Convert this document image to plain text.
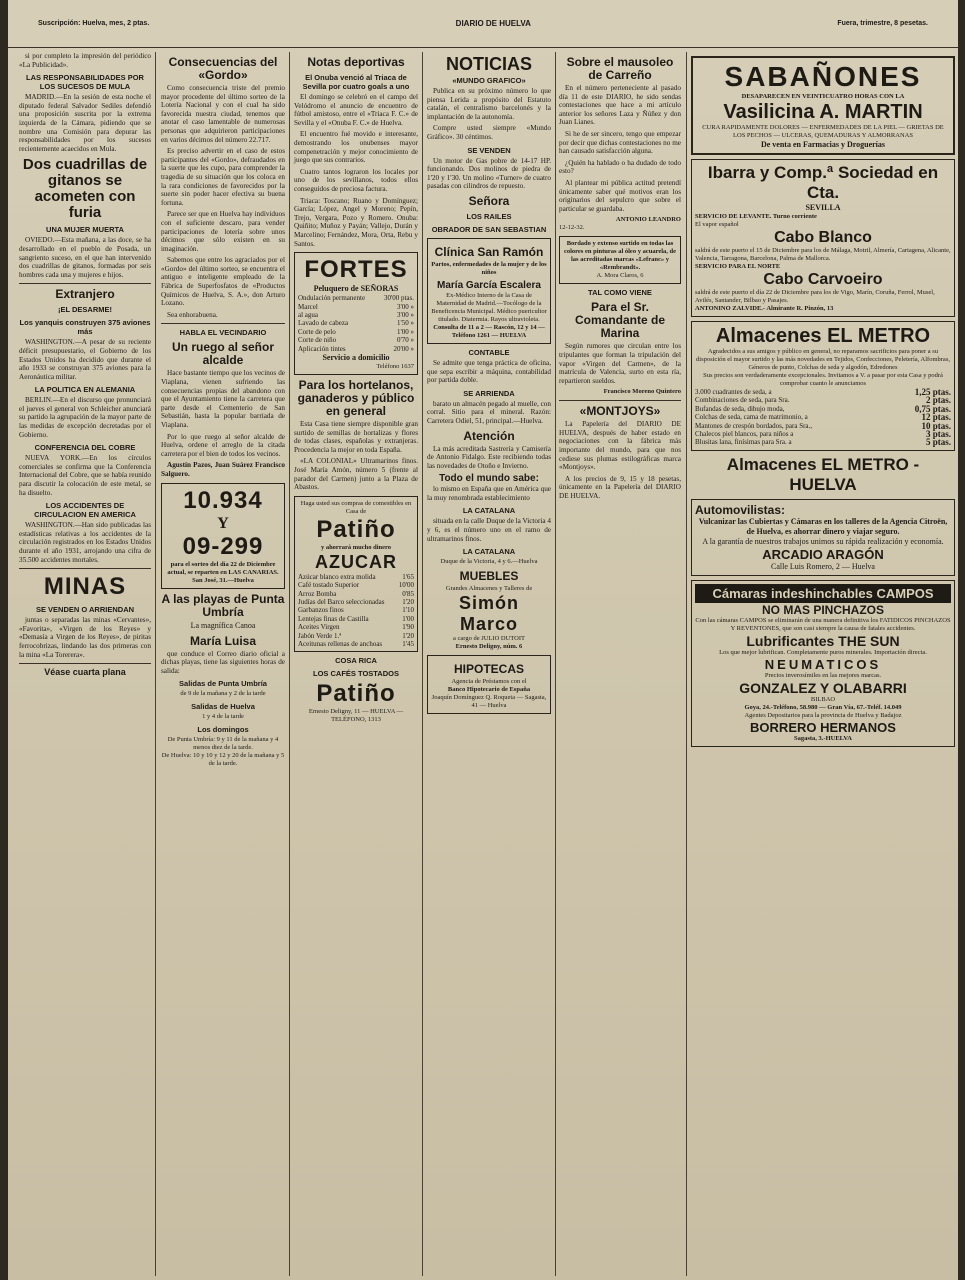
Suscripción: Huelva, mes, 2 ptas.	DIARIO DE HUELVA	Fuera, trimestre, 8 pesetas.

si por completo la impresión del periódico «La Publicidad».

LAS RESPONSABILIDADES POR LOS SUCESOS DE MULA

MADRID.—En la sesión de esta noche el diputado federal Salvador Sediles defendió una proposición suscrita por la extrema izquierda de la Cámara, pidiendo que se nombre una Comisión para depurar las responsabilidades por los sucesos recientemente acaecidos en Mula.

Dos cuadrillas de gitanos se acometen con furia
UNA MUJER MUERTA

OVIEDO.—Esta mañana, a las doce, se ha desarrollado en el pueblo de Posada, un sangriento suceso, en el que han intervenido dos cuadrillas de gitanos, formadas por seis hombres cada una y mujeres e hijos.

Extranjero
¡EL DESARME!
Los yanquis construyen 375 aviones más

WASHINGTON.—A pesar de su reciente déficit presupuestario, el Gobierno de los Estados Unidos ha decidido que durante el año 1933 se construyan 375 aviones para la Aeronáutica militar.

LA POLITICA EN ALEMANIA

BERLIN.—En el discurso que pronunciará el jueves el general von Schleicher anunciará su partido la agrupación de la mayor parte de las medidas de excepción decretadas por el Gobierno.

CONFERENCIA DEL COBRE

NUEVA YORK.—En los círculos comerciales se confirma que la Conferencia Internacional del Cobre, que se había reunido para discutir la colocación de este metal, se ha disuelto.

LOS ACCIDENTES DE CIRCULACION EN AMERICA

WASHINGTON.—Han sido publicadas las estadísticas relativas a los accidentes de la circulación registrados en los Estados Unidos durante el año 1931, arrojando una cifra de 35.500 accidentes mortales.

MINAS
SE VENDEN O ARRIENDAN

juntas o separadas las minas «Cervantes», «Favorita», «Virgen de los Reyes» y «Demasía a Virgen de los Reyes», de piritas ferrocobrizas, lindando las dos primeras con la mina «La Torerera».

Véase cuarta plana
Consecuencias del «Gordo»

Como consecuencia triste del premio mayor procedente del último sorteo de la Lotería Nacional y con el cual ha sido favorecida nuestra ciudad, tenemos que anotar el caso lamentable de numerosas personas que adquirieron participaciones en varios décimos del número 22.717.

Es preciso advertir en el caso de estos participantes del «Gordo», defraudados en la suerte que les cupo, para comprender la tragedia de su situación que los coloca en la rara condiciones de favorecidos por la suerte sin poder hacer efectiva su buena fortuna.

Parece ser que en Huelva hay individuos con el suficiente descaro, para vender participaciones de lotería sobre unos décimos que sólo existen en su imaginación.

Sabemos que entre los agraciados por el «Gordo» del último sorteo, se encuentra el antiguo e inteligente empleado de la Fábrica de Superfosfatos de «Productos Químicos de Huelva, S. A.», don Arturo Lozano.

Sea enhorabuena.

HABLA EL VECINDARIO
Un ruego al señor alcalde

Hace bastante tiempo que los vecinos de Viaplana, vienen sufriendo las consecuencias propias del abandono con que el Ayuntamiento tiene la carretera que parte desde el Cementerio de San Sebastián, hasta la popular barriada de Viaplana.

Por lo que ruego al señor alcalde de Huelva, ordene el arreglo de la citada carretera por el bien de todos los vecinos.

Agustín Pazos, Juan Suárez Francisco Salguero.

10.934
Y
09-299

para el sorteo del día 22 de Diciembre actual, se reparten en LAS CANARIAS. San José, 31.—Huelva

A las playas de Punta Umbría
La magnífica Canoa
María Luisa

que conduce el Correo diario oficial a dichas playas, tiene las siguientes horas de salida:

Salidas de Punta Umbría
de 9 de la mañana y 2 de la tarde
Salidas de Huelva
1 y 4 de la tarde
Los domingos
De Punta Umbría: 9 y 11 de la mañana y 4 menos diez de la tarde.
De Huelva: 10 y 10 y 12 y 20 de la mañana y 5 de la tarde.
Notas deportivas
El Onuba venció al Triaca de Sevilla por cuatro goals a uno

El domingo se celebró en el campo del Velódromo el anuncio de encuentro de fútbol amistoso, entre el «Triaca F. C.» de Sevilla y el «Onuba F. C.» de Huelva.

El encuentro fué movido e interesante, demostrando los onubenses mayor compenetración y mejor conocimiento de juego que sus contrarios.

Cuatro tantos lograron los locales por uno de los sevillanos, todos ellos conseguidos de preciosa factura.

Triaca: Toscano; Ruano y Domínguez; García; López, Angel y Moreno; Pepín, Trejo, Vergara, Pozo y Romero. Onuba: Quiñito; Muñoz y Payán; Vallejo, Durán y Marcelino; Fernández, Mora, Orta, Rebu y Santos.

FORTES
Peluquero de SEÑORAS
Ondulación permanente	30'00 ptas.
Marcel	3'00 »
al agua	3'00 »
Lavado de cabeza	1'50 »
Corte de pelo	1'00 »
Corte de niño	0'70 »
Aplicación tintes	20'00 »
Servicio a domicilio
Teléfono 1637
Para los hortelanos, ganaderos y público en general

Esta Casa tiene siempre disponible gran surtido de semillas de hortalizas y flores de todas clases, españolas y extranjeras. Procedencia la mejor en toda España.

«LA COLONIAL» Ultramarinos finos. José María Amón, número 5 (frente al parador del Carmen) junto a la Plaza de Abastos.

Haga usted sus compras de comestibles en Casa de
Patiño
y ahorrará mucho dinero
AZUCAR
Azúcar blanco extra molida	1'65
Café tostado Superior	10'00
Arroz Bomba	0'85
Judías del Barco seleccionadas	1'20
Garbanzos finos	1'10
Lentejas finas de Castilla	1'00
Aceites Virgen	1'90
Jabón Verde 1.ª	1'20
Aceitunas rellenas de anchoas	1'45
COSA RICA
LOS CAFÉS TOSTADOS
Patiño
Ernesto Deligny, 11 — HUELVA — TELÉFONO, 1313
NOTICIAS
«MUNDO GRAFICO»

Publica en su próximo número lo que piensa Lerida a propósito del Estatuto catalán, el centralismo barcelonés y la implantación de la autonomía.

Compre usted siempre «Mundo Gráfico». 30 céntimos.

SE VENDEN

Un motor de Gas pobre de 14-17 HP. funcionando. Dos molinos de piedra de 1'20 y 1'30. Un molino «Turner» de cuatro pasadas con cilindros de repuesto.

Señora
LOS RAILES
OBRADOR DE SAN SEBASTIAN
Clínica San Ramón
Partos, enfermedades de la mujer y de los niños
María García Escalera

Ex-Médico Interno de la Casa de Maternidad de Madrid.—Tocólogo de la Beneficencia Municipal. Médico puericultor titulado. Diatermia. Rayos ultravioleta.

Consulta de 11 a 2 — Rascón, 12 y 14 — Teléfono 1261 — HUELVA

CONTABLE

Se admite que tenga práctica de oficina, que sepa escribir a máquina, contabilidad por partida doble.

SE ARRIENDA

barato un almacén pegado al muelle, con corral. Sitio para el mineral. Razón: Carretera Odiel, 51, principal.—Huelva.

Atención

La más acreditada Sastrería y Camisería de Antonio Fidalgo. Este recibiendo todas las novedades de Otoño e Invierno.

Todo el mundo sabe:

lo mismo en España que en América que la muy renombrada establecimiento

LA CATALANA

situada en la calle Duque de la Victoria 4 y 6, es el número uno en el ramo de ultramarinos finos.

LA CATALANA
Duque de la Victoria, 4 y 6.—Huelva
MUEBLES
Grandes Almacenes y Talleres de
Simón Marco
a cargo de JULIO DUTOIT
Ernesto Deligny, núm. 6
HIPOTECAS
Agencia de Préstamos con el
Banco Hipotecario de España
Joaquín Domínguez Q. Roqueta — Sagasta, 41 — Huelva
Sobre el mausoleo de Carreño

En el número perteneciente al pasado día 11 de este DIARIO, he sido sendas contestaciones que hace a mi artículo anterior los señores Laza y Ñúñez y don Juan Lianes.

Si he de ser sincero, tengo que empezar por decir que dichas contestaciones no me han causado satisfacción alguna.

¿Quién ha hablado o ha dudado de todo esto?

Al plantear mi pública actitud pretendí únicamente saber qué motivos eran los originarios del sepulcro que sobre el particular se guardaba.

ANTONIO LEANDRO
12-12-32.

Bordado y extenso surtido en todas las colores en pinturas al óleo y acuarela, de las acreditadas marcas «Lefranc» y «Rembrandt».

A. Mora Claros, 6
TAL COMO VIENE
Para el Sr. Comandante de Marina

Según rumores que circulan entre los tripulantes que forman la tripulación del vapor «Virgen del Carmen», de la matrícula de Valencia, surto en esta ría, repartieron sueldos.

Francisco Moreno Quintero
«MONTJOYS»

La Papelería del DIARIO DE HUELVA, después de haber estado en negociaciones con la fábrica más importante del mundo, para que nos cediese sus plumas estilográficas marca «Montjoys».

A los precios de 9, 15 y 18 pesetas, únicamente en la Papelería del DIARIO DE HUELVA.

SABAÑONES
DESAPARECEN EN VEINTICUATRO HORAS CON LA
Vasilicina A. MARTIN
CURA RAPIDAMENTE DOLORES — ENFERMEDADES DE LA PIEL — GRIETAS DE LOS PECHOS — ULCERAS, QUEMADURAS Y ALMORRANAS
De venta en Farmacias y Droguerías
Ibarra y Comp.ª Sociedad en Cta.
SEVILLA
SERVICIO DE LEVANTE. Turno corriente
El vapor español
Cabo Blanco

saldrá de este puerto el 15 de Diciembre para los de Málaga, Motril, Almería, Cartagena, Alicante, Valencia, Tarragona, Barcelona, Palma de Mallorca.

SERVICIO PARA EL NORTE
Cabo Carvoeiro

saldrá de este puerto el día 22 de Diciembre para los de Vigo, Marín, Coruña, Ferrol, Musel, Avilés, Santander, Bilbao y Pasajes.

ANTONINO ZALVIDE.- Almirante R. Pinzón, 13
Almacenes EL METRO

Agradecidos a sus amigos y público en general, no reparamos sacrificios para poner a su disposición el mayor surtido y las más novedades en Tejidos, Confecciones, Peletería, Alfombras, Géneros de punto, Colchas de seda y algodón, Edredones

Sus precios son verdaderamente excepcionales. Invitamos a V. a pasar por esta Casa y podrá comprobar cuanto le anunciamos

3.000 cuadrantes de seda, a	1,25 ptas.
Combinaciones de seda, para Sra.	2 ptas.
Bufandas de seda, dibujo moda,	0,75 ptas.
Colchas de seda, cama de matrimonio, a	12 ptas.
Mantones de crespón bordados, para Sra.,	10 ptas.
Chalecos piel blancos, para niños a	3 ptas.
Blusitas lana, finísimas para Sra. a	5 ptas.
Almacenes EL METRO - HUELVA
Automovilistas:

Vulcanizar las Cubiertas y Cámaras en los talleres de la Agencia Citroën, de Huelva, es ahorrar dinero y viajar seguro.

A la garantía de nuestros trabajos unimos su rápida realización y economía.

ARCADIO ARAGÓN
Calle Luis Romero, 2 — Huelva
Cámaras indeshinchables CAMPOS
NO MAS PINCHAZOS

Con las cámaras CAMPOS se eliminarán de una manera definitiva los FATIDICOS PINCHAZOS Y REVENTONES, que son casi siempre la causa de fatales accidentes.

Lubrificantes THE SUN

Los que mejor lubrifican. Completamente puros minerales. Importación directa.

NEUMATICOS

Precios inverosímiles en las mejores marcas.

GONZALEZ Y OLABARRI
BILBAO
Goya, 24.-Teléfono, 58.980 — Gran Vía, 67.-Teléf. 14.049
Agentes Depositarios para la provincia de Huelva y Badajoz
BORRERO HERMANOS
Sagasta, 3.-HUELVA
